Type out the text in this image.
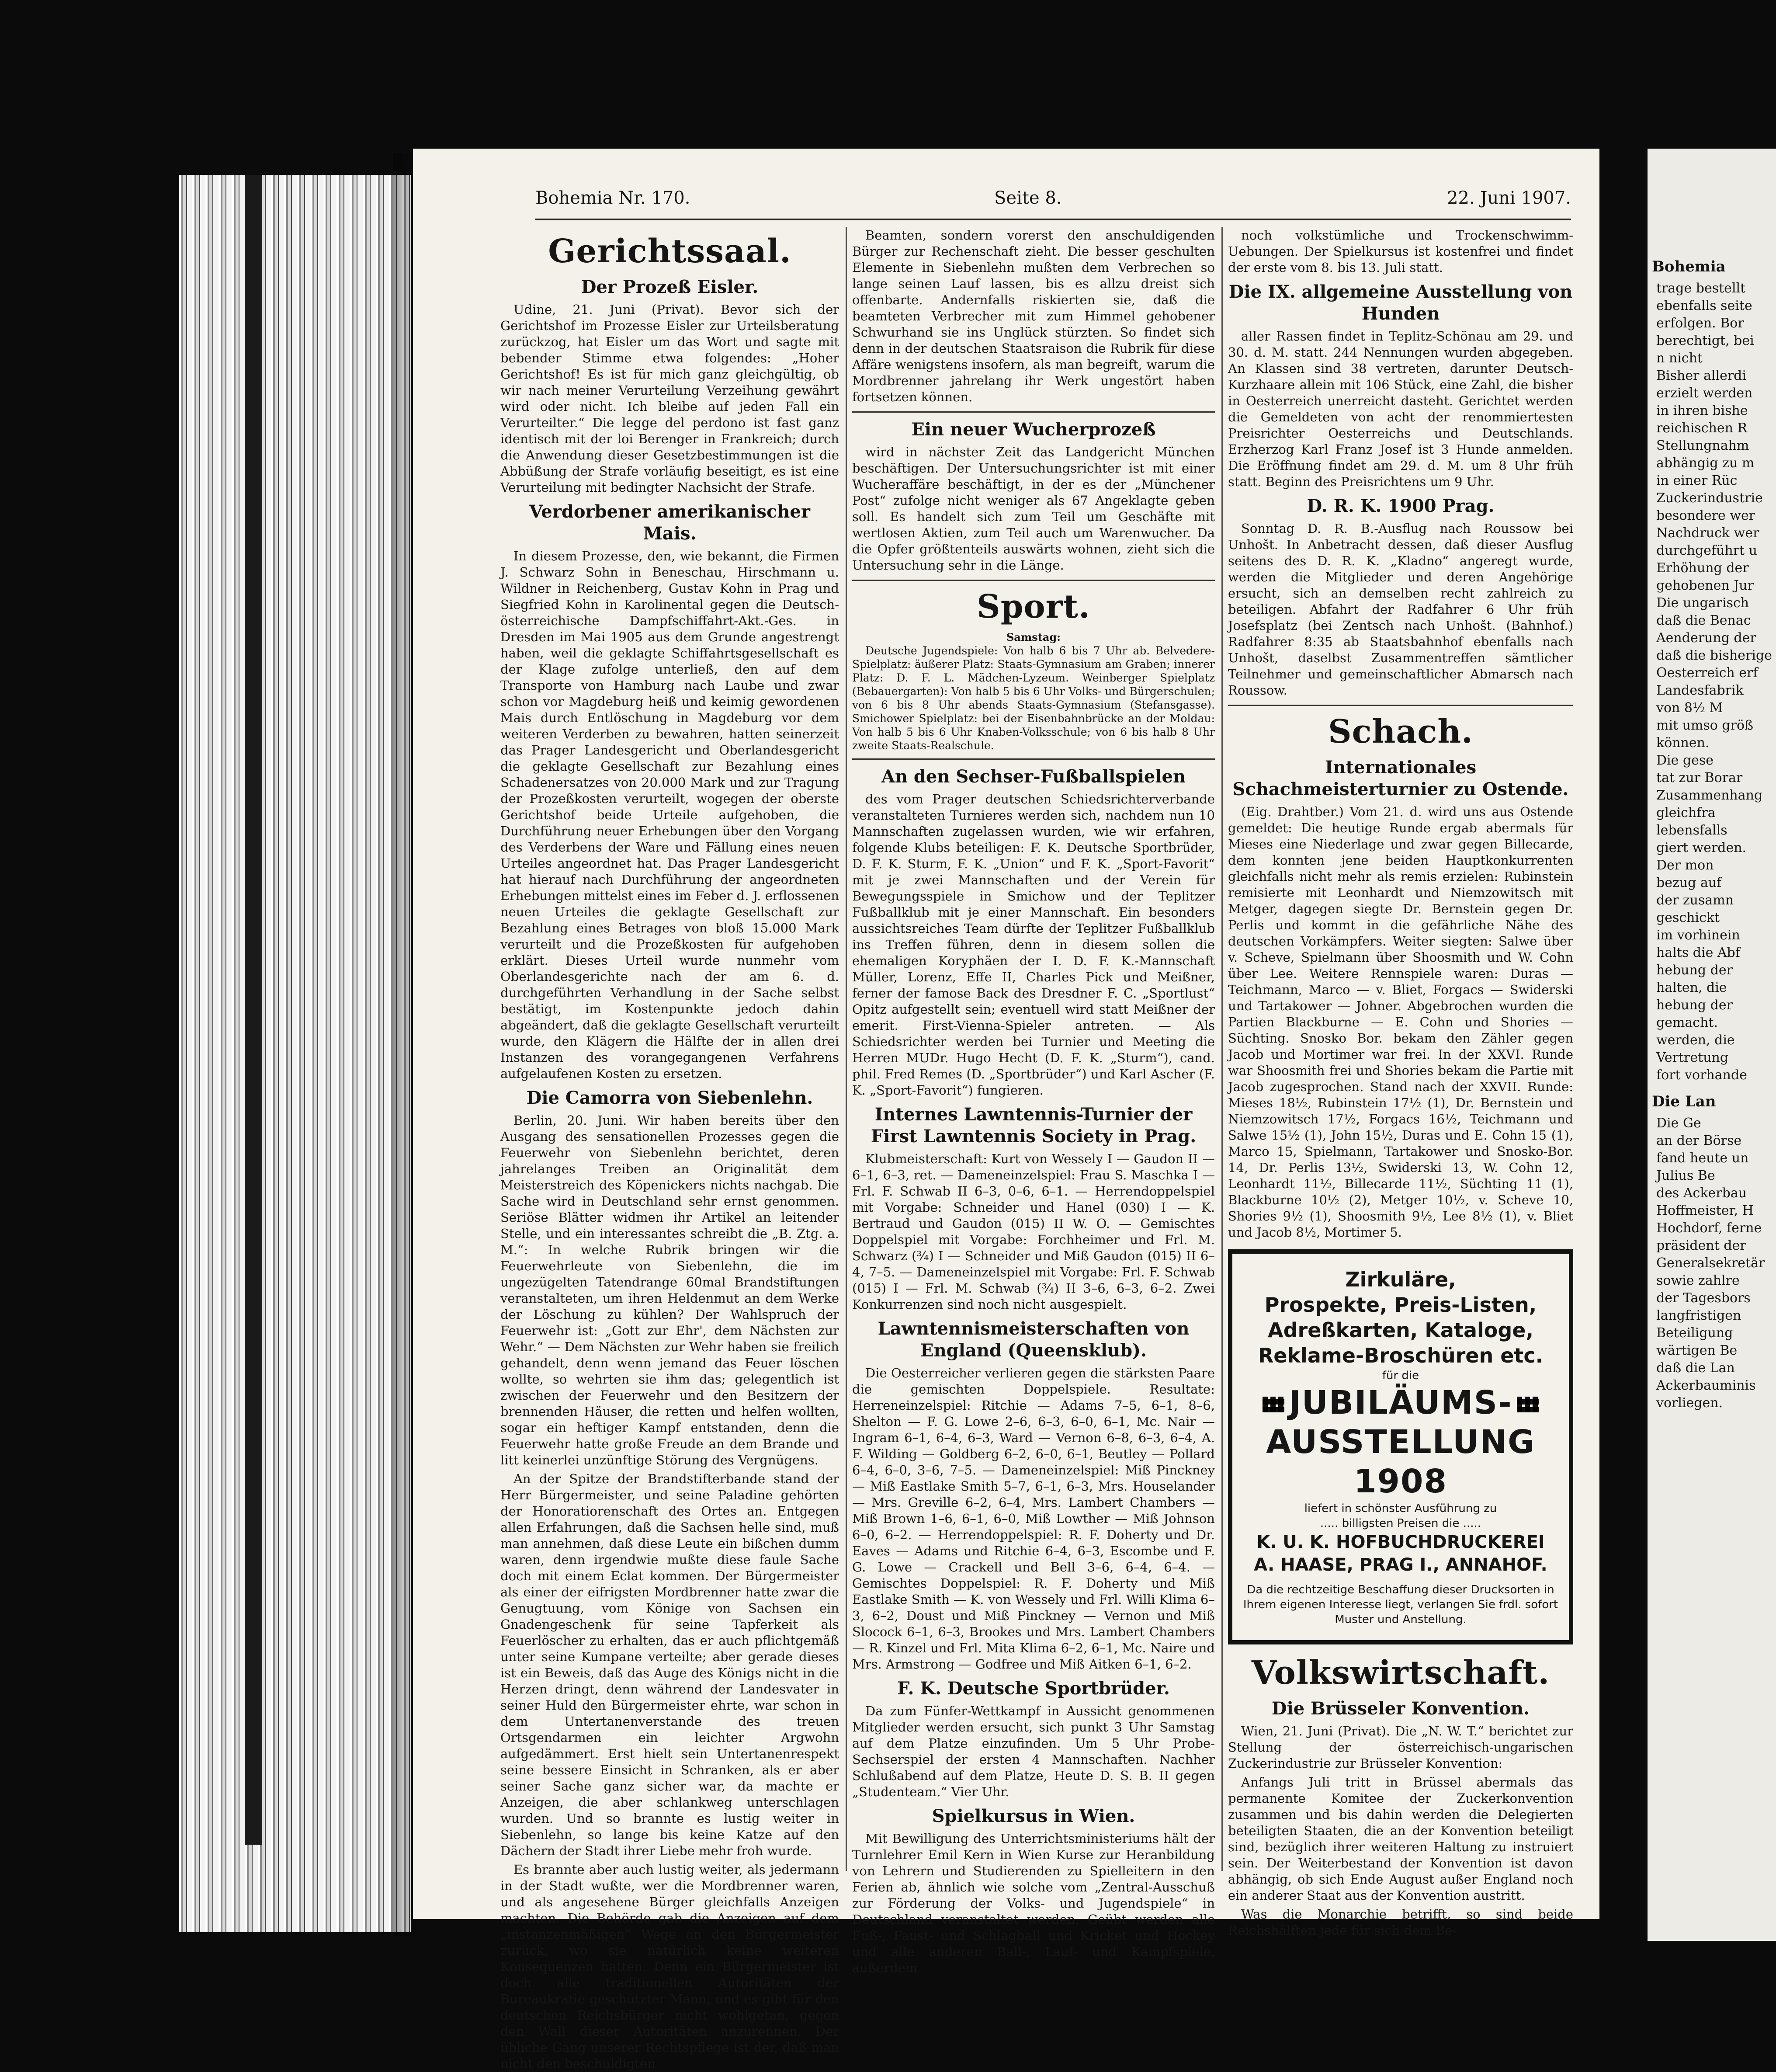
Bohemia Nr. 170.	Seite 8.	22. Juni 1907.
Gerichtssaal.
Der Prozeß Eisler.

Udine, 21. Juni (Privat). Bevor sich der Gerichtshof im Prozesse Eisler zur Urteilsberatung zurückzog, hat Eisler um das Wort und sagte mit bebender Stimme etwa folgendes: „Hoher Gerichtshof! Es ist für mich ganz gleichgültig, ob wir nach meiner Verurteilung Verzeihung gewährt wird oder nicht. Ich bleibe auf jeden Fall ein Verurteilter.“ Die legge del perdono ist fast ganz identisch mit der loi Berenger in Frankreich; durch die Anwendung dieser Gesetzbestimmungen ist die Abbüßung der Strafe vorläufig beseitigt, es ist eine Verurteilung mit bedingter Nachsicht der Strafe.

Verdorbener amerikanischer Mais.

In diesem Prozesse, den, wie bekannt, die Firmen J. Schwarz Sohn in Beneschau, Hirschmann u. Wildner in Reichenberg, Gustav Kohn in Prag und Siegfried Kohn in Karolinental gegen die Deutsch-österreichische Dampfschiffahrt-Akt.-Ges. in Dresden im Mai 1905 aus dem Grunde angestrengt haben, weil die geklagte Schiffahrtsgesellschaft es der Klage zufolge unterließ, den auf dem Transporte von Hamburg nach Laube und zwar schon vor Magdeburg heiß und keimig gewordenen Mais durch Entlöschung in Magdeburg vor dem weiteren Verderben zu bewahren, hatten seinerzeit das Prager Landesgericht und Oberlandesgericht die geklagte Gesellschaft zur Bezahlung eines Schadenersatzes von 20.000 Mark und zur Tragung der Prozeßkosten verurteilt, wogegen der oberste Gerichtshof beide Urteile aufgehoben, die Durchführung neuer Erhebungen über den Vorgang des Verderbens der Ware und Fällung eines neuen Urteiles angeordnet hat. Das Prager Landesgericht hat hierauf nach Durchführung der angeordneten Erhebungen mittelst eines im Feber d. J. erflossenen neuen Urteiles die geklagte Gesellschaft zur Bezahlung eines Betrages von bloß 15.000 Mark verurteilt und die Prozeßkosten für aufgehoben erklärt. Dieses Urteil wurde nunmehr vom Oberlandesgerichte nach der am 6. d. durchgeführten Verhandlung in der Sache selbst bestätigt, im Kostenpunkte jedoch dahin abgeändert, daß die geklagte Gesellschaft verurteilt wurde, den Klägern die Hälfte der in allen drei Instanzen des vorangegangenen Verfahrens aufgelaufenen Kosten zu ersetzen.

Die Camorra von Siebenlehn.

Berlin, 20. Juni. Wir haben bereits über den Ausgang des sensationellen Prozesses gegen die Feuerwehr von Siebenlehn berichtet, deren jahrelanges Treiben an Originalität dem Meisterstreich des Köpenickers nichts nachgab. Die Sache wird in Deutschland sehr ernst genommen. Seriöse Blätter widmen ihr Artikel an leitender Stelle, und ein interessantes schreibt die „B. Ztg. a. M.“: In welche Rubrik bringen wir die Feuerwehrleute von Siebenlehn, die im ungezügelten Tatendrange 60mal Brandstiftungen veranstalteten, um ihren Heldenmut an dem Werke der Löschung zu kühlen? Der Wahlspruch der Feuerwehr ist: „Gott zur Ehr', dem Nächsten zur Wehr.“ — Dem Nächsten zur Wehr haben sie freilich gehandelt, denn wenn jemand das Feuer löschen wollte, so wehrten sie ihm das; gelegentlich ist zwischen der Feuerwehr und den Besitzern der brennenden Häuser, die retten und helfen wollten, sogar ein heftiger Kampf entstanden, denn die Feuerwehr hatte große Freude an dem Brande und litt keinerlei unzünftige Störung des Vergnügens.

An der Spitze der Brandstifterbande stand der Herr Bürgermeister, und seine Paladine gehörten der Honoratiorenschaft des Ortes an. Entgegen allen Erfahrungen, daß die Sachsen helle sind, muß man annehmen, daß diese Leute ein bißchen dumm waren, denn irgendwie mußte diese faule Sache doch mit einem Eclat kommen. Der Bürgermeister als einer der eifrigsten Mordbrenner hatte zwar die Genugtuung, vom Könige von Sachsen ein Gnadengeschenk für seine Tapferkeit als Feuerlöscher zu erhalten, das er auch pflichtgemäß unter seine Kumpane verteilte; aber gerade dieses ist ein Beweis, daß das Auge des Königs nicht in die Herzen dringt, denn während der Landesvater in seiner Huld den Bürgermeister ehrte, war schon in dem Untertanenverstande des treuen Ortsgendarmen ein leichter Argwohn aufgedämmert. Erst hielt sein Untertanenrespekt seine bessere Einsicht in Schranken, als er aber seiner Sache ganz sicher war, da machte er Anzeigen, die aber schlankweg unterschlagen wurden. Und so brannte es lustig weiter in Siebenlehn, so lange bis keine Katze auf den Dächern der Stadt ihrer Liebe mehr froh wurde.

Es brannte aber auch lustig weiter, als jedermann in der Stadt wußte, wer die Mordbrenner waren, und als angesehene Bürger gleichfalls Anzeigen machten. Die Behörde gab die Anzeigen auf dem „instanzenmäßigen“ Wege an den Bürgermeister zurück, wo sie natürlich keine weiteren Konsequenzen hatten. Denn ein Bürgermeister ist doch alle traditionellen Autoritäten der Bureaukratie geschützter Mann, und es gibt für den deutschen Reichsbürger nicht wohlgetan, gegen den Wall dieser Autoritäten anzurennen. Der übliche Gang unserer Rechtspflege ist der, daß man nicht den beschuldigten

Beamten, sondern vorerst den anschuldigenden Bürger zur Rechenschaft zieht. Die besser geschulten Elemente in Siebenlehn mußten dem Verbrechen so lange seinen Lauf lassen, bis es allzu dreist sich offenbarte. Andernfalls riskierten sie, daß die beamteten Verbrecher mit zum Himmel gehobener Schwurhand sie ins Unglück stürzten. So findet sich denn in der deutschen Staatsraison die Rubrik für diese Affäre wenigstens insofern, als man begreift, warum die Mordbrenner jahrelang ihr Werk ungestört haben fortsetzen können.

Ein neuer Wucherprozeß

wird in nächster Zeit das Landgericht München beschäftigen. Der Untersuchungsrichter ist mit einer Wucheraffäre beschäftigt, in der es der „Münchener Post“ zufolge nicht weniger als 67 Angeklagte geben soll. Es handelt sich zum Teil um Geschäfte mit wertlosen Aktien, zum Teil auch um Warenwucher. Da die Opfer größtenteils auswärts wohnen, zieht sich die Untersuchung sehr in die Länge.

Sport.
Samstag:

Deutsche Jugendspiele: Von halb 6 bis 7 Uhr ab. Belvedere-Spielplatz: äußerer Platz: Staats-Gymnasium am Graben; innerer Platz: D. F. L. Mädchen-Lyzeum. Weinberger Spielplatz (Bebauergarten): Von halb 5 bis 6 Uhr Volks- und Bürgerschulen; von 6 bis 8 Uhr abends Staats-Gymnasium (Stefansgasse). Smichower Spielplatz: bei der Eisenbahnbrücke an der Moldau: Von halb 5 bis 6 Uhr Knaben-Volksschule; von 6 bis halb 8 Uhr zweite Staats-Realschule.

An den Sechser-Fußballspielen

des vom Prager deutschen Schiedsrichterverbande veranstalteten Turnieres werden sich, nachdem nun 10 Mannschaften zugelassen wurden, wie wir erfahren, folgende Klubs beteiligen: F. K. Deutsche Sportbrüder, D. F. K. Sturm, F. K. „Union“ und F. K. „Sport-Favorit“ mit je zwei Mannschaften und der Verein für Bewegungsspiele in Smichow und der Teplitzer Fußballklub mit je einer Mannschaft. Ein besonders aussichtsreiches Team dürfte der Teplitzer Fußballklub ins Treffen führen, denn in diesem sollen die ehemaligen Koryphäen der I. D. F. K.-Mannschaft Müller, Lorenz, Effe II, Charles Pick und Meißner, ferner der famose Back des Dresdner F. C. „Sportlust“ Opitz aufgestellt sein; eventuell wird statt Meißner der emerit. First-Vienna-Spieler antreten. — Als Schiedsrichter werden bei Turnier und Meeting die Herren MUDr. Hugo Hecht (D. F. K. „Sturm“), cand. phil. Fred Remes (D. „Sportbrüder“) und Karl Ascher (F. K. „Sport-Favorit“) fungieren.

Internes Lawntennis-Turnier der First Lawntennis Society in Prag.

Klubmeisterschaft: Kurt von Wessely I — Gaudon II — 6–1, 6–3, ret. — Dameneinzelspiel: Frau S. Maschka I — Frl. F. Schwab II 6–3, 0–6, 6–1. — Herrendoppelspiel mit Vorgabe: Schneider und Hanel (030) I — K. Bertraud und Gaudon (015) II W. O. — Gemischtes Doppelspiel mit Vorgabe: Forchheimer und Frl. M. Schwarz (¾) I — Schneider und Miß Gaudon (015) II 6–4, 7–5. — Dameneinzelspiel mit Vorgabe: Frl. F. Schwab (015) I — Frl. M. Schwab (¾) II 3–6, 6–3, 6–2. Zwei Konkurrenzen sind noch nicht ausgespielt.

Lawntennismeisterschaften von England (Queensklub).

Die Oesterreicher verlieren gegen die stärksten Paare die gemischten Doppelspiele. Resultate: Herreneinzelspiel: Ritchie — Adams 7–5, 6–1, 8–6, Shelton — F. G. Lowe 2–6, 6–3, 6–0, 6–1, Mc. Nair — Ingram 6–1, 6–4, 6–3, Ward — Vernon 6–8, 6–3, 6–4, A. F. Wilding — Goldberg 6–2, 6–0, 6–1, Beutley — Pollard 6–4, 6–0, 3–6, 7–5. — Dameneinzelspiel: Miß Pinckney — Miß Eastlake Smith 5–7, 6–1, 6–3, Mrs. Houselander — Mrs. Greville 6–2, 6–4, Mrs. Lambert Chambers — Miß Brown 1–6, 6–1, 6–0, Miß Lowther — Miß Johnson 6–0, 6–2. — Herrendoppelspiel: R. F. Doherty und Dr. Eaves — Adams und Ritchie 6–4, 6–3, Escombe und F. G. Lowe — Crackell und Bell 3–6, 6–4, 6–4. — Gemischtes Doppelspiel: R. F. Doherty und Miß Eastlake Smith — K. von Wessely und Frl. Willi Klima 6–3, 6–2, Doust und Miß Pinckney — Vernon und Miß Slocock 6–1, 6–3, Brookes und Mrs. Lambert Chambers — R. Kinzel und Frl. Mita Klima 6–2, 6–1, Mc. Naire und Mrs. Armstrong — Godfree und Miß Aitken 6–1, 6–2.

F. K. Deutsche Sportbrüder.

Da zum Fünfer-Wettkampf in Aussicht genommenen Mitglieder werden ersucht, sich punkt 3 Uhr Samstag auf dem Platze einzufinden. Um 5 Uhr Probe-Sechserspiel der ersten 4 Mannschaften. Nachher Schlußabend auf dem Platze, Heute D. S. B. II gegen „Studenteam.“ Vier Uhr.

Spielkursus in Wien.

Mit Bewilligung des Unterrichtsministeriums hält der Turnlehrer Emil Kern in Wien Kurse zur Heranbildung von Lehrern und Studierenden zu Spielleitern in den Ferien ab, ähnlich wie solche vom „Zentral-Ausschuß zur Förderung der Volks- und Jugendspiele“ in Deutschland veranstaltet werden. Geübt werden alle Fuß-, Faust- und Schlagball und Kricket und Hockey und alle anderen Ball-, Lauf- und Kampfspiele, außerdem

noch volkstümliche und Trockenschwimm-Uebungen. Der Spielkursus ist kostenfrei und findet der erste vom 8. bis 13. Juli statt.

Die IX. allgemeine Ausstellung von Hunden

aller Rassen findet in Teplitz-Schönau am 29. und 30. d. M. statt. 244 Nennungen wurden abgegeben. An Klassen sind 38 vertreten, darunter Deutsch-Kurzhaare allein mit 106 Stück, eine Zahl, die bisher in Oesterreich unerreicht dasteht. Gerichtet werden die Gemeldeten von acht der renommiertesten Preisrichter Oesterreichs und Deutschlands. Erzherzog Karl Franz Josef ist 3 Hunde anmelden. Die Eröffnung findet am 29. d. M. um 8 Uhr früh statt. Beginn des Preisrichtens um 9 Uhr.

D. R. K. 1900 Prag.

Sonntag D. R. B.-Ausflug nach Roussow bei Unhošt. In Anbetracht dessen, daß dieser Ausflug seitens des D. R. K. „Kladno“ angeregt wurde, werden die Mitglieder und deren Angehörige ersucht, sich an demselben recht zahlreich zu beteiligen. Abfahrt der Radfahrer 6 Uhr früh Josefsplatz (bei Zentsch nach Unhošt. (Bahnhof.) Radfahrer 8:35 ab Staatsbahnhof ebenfalls nach Unhošt, daselbst Zusammentreffen sämtlicher Teilnehmer und gemeinschaftlicher Abmarsch nach Roussow.

Schach.
Internationales Schachmeisterturnier zu Ostende.

(Eig. Drahtber.) Vom 21. d. wird uns aus Ostende gemeldet: Die heutige Runde ergab abermals für Mieses eine Niederlage und zwar gegen Billecarde, dem konnten jene beiden Hauptkonkurrenten gleichfalls nicht mehr als remis erzielen: Rubinstein remisierte mit Leonhardt und Niemzowitsch mit Metger, dagegen siegte Dr. Bernstein gegen Dr. Perlis und kommt in die gefährliche Nähe des deutschen Vorkämpfers. Weiter siegten: Salwe über v. Scheve, Spielmann über Shoosmith und W. Cohn über Lee. Weitere Rennspiele waren: Duras — Teichmann, Marco — v. Bliet, Forgacs — Swiderski und Tartakower — Johner. Abgebrochen wurden die Partien Blackburne — E. Cohn und Shories — Süchting. Snosko Bor. bekam den Zähler gegen Jacob und Mortimer war frei. In der XXVI. Runde war Shoosmith frei und Shories bekam die Partie mit Jacob zugesprochen. Stand nach der XXVII. Runde: Mieses 18½, Rubinstein 17½ (1), Dr. Bernstein und Niemzowitsch 17½, Forgacs 16½, Teichmann und Salwe 15½ (1), John 15½, Duras und E. Cohn 15 (1), Marco 15, Spielmann, Tartakower und Snosko-Bor. 14, Dr. Perlis 13½, Swiderski 13, W. Cohn 12, Leonhardt 11½, Billecarde 11½, Süchting 11 (1), Blackburne 10½ (2), Metger 10½, v. Scheve 10, Shories 9½ (1), Shoosmith 9½, Lee 8½ (1), v. Bliet und Jacob 8½, Mortimer 5.

Zirkuläre,
Prospekte, Preis-Listen,
Adreßkarten, Kataloge,
Reklame-Broschüren etc.
für die
JUBILÄUMS-
AUSSTELLUNG 1908
liefert in schönster Ausführung zu
..... billigsten Preisen die .....
K. U. K. HOFBUCHDRUCKEREI
A. HAASE, PRAG I., ANNAHOF.
Da die rechtzeitige Beschaffung dieser Drucksorten in Ihrem eigenen Interesse liegt, verlangen Sie frdl. sofort Muster und Anstellung.
Volkswirtschaft.
Die Brüsseler Konvention.

Wien, 21. Juni (Privat). Die „N. W. T.“ berichtet zur Stellung der österreichisch-ungarischen Zuckerindustrie zur Brüsseler Konvention:

Anfangs Juli tritt in Brüssel abermals das permanente Komitee der Zuckerkonvention zusammen und bis dahin werden die Delegierten beteiligten Staaten, die an der Konvention beteiligt sind, bezüglich ihrer weiteren Haltung zu instruiert sein. Der Weiterbestand der Konvention ist davon abhängig, ob sich Ende August außer England noch ein anderer Staat aus der Konvention austritt.

Was die Monarchie betrifft, so sind beide Reichshälften jede für sich dem Be-

Bohemia
trage bestellt
ebenfalls seite
erfolgen. Bor
berechtigt, bei
n nicht
Bisher allerdi
erzielt werden
in ihren bishe
reichischen R
Stellungnahm
abhängig zu m
in einer Rüc
Zuckerindustrie
besondere wer
Nachdruck wer
durchgeführt u
Erhöhung der
gehobenen Jur
Die ungarisch
daß die Benac
Aenderung der
daß die bisherige
Oesterreich erf
Landesfabrik
von 8½ M
mit umso größ
können.
Die gese
tat zur Borar
Zusammenhang
gleichfra
lebensfalls
giert werden.
Der mon
bezug auf
der zusamn
geschickt
im vorhinein
halts die Abf
hebung der
halten, die
hebung der
gemacht.
werden, die
Vertretung
fort vorhande
Die Lan
Die Ge
an der Börse
fand heute un
Julius Be
des Ackerbau
Hoffmeister, H
Hochdorf, ferne
präsident der
Generalsekretär
sowie zahlre
der Tagesbors
langfristigen
Beteiligung
wärtigen Be
daß die Lan
Ackerbauminis
vorliegen.
